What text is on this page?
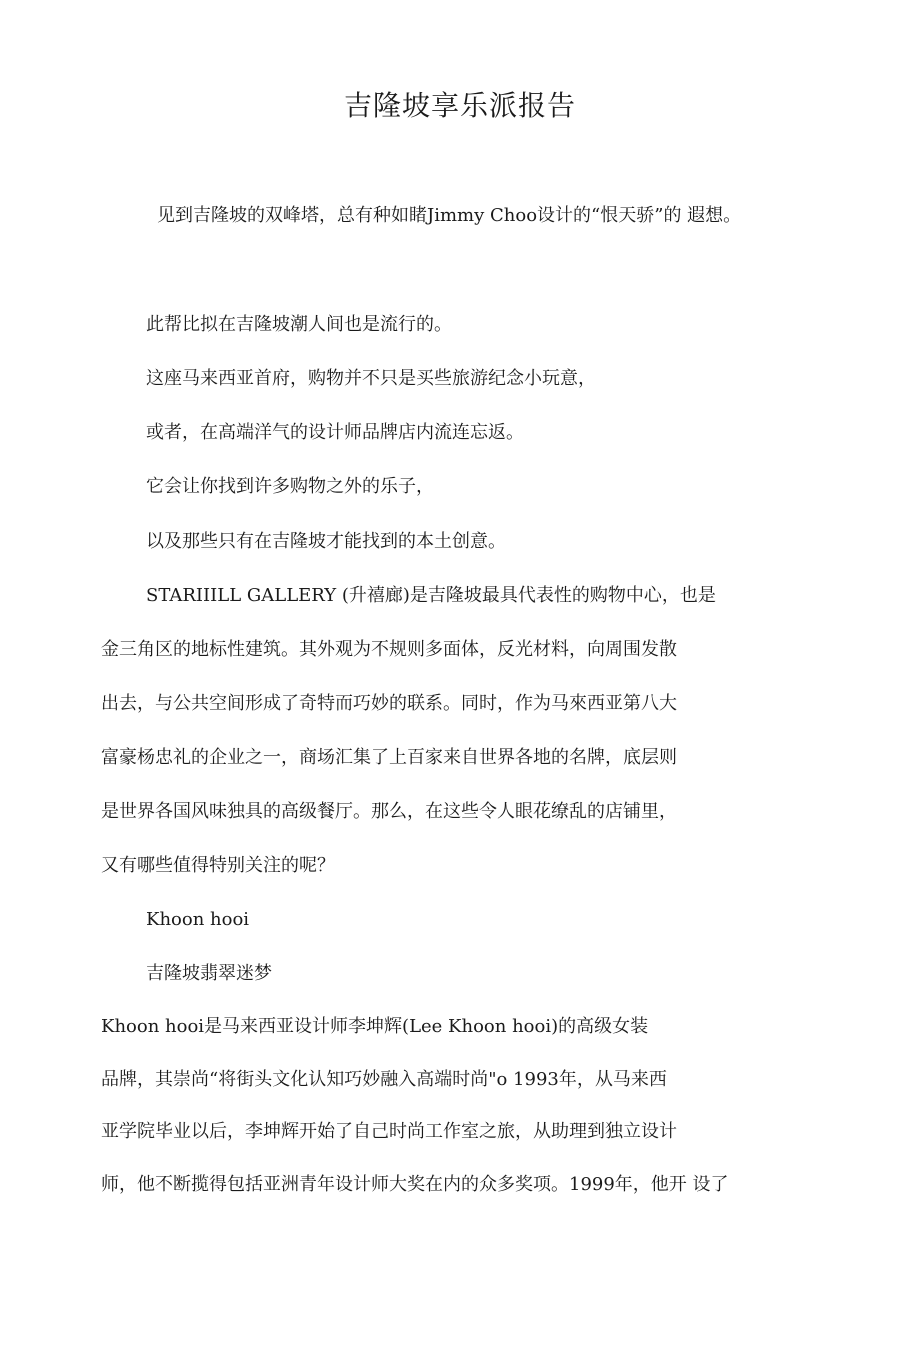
吉隆坡享乐派报告

见到吉隆坡的双峰塔，总有种如睹Jimmy Choo设计的“恨天骄”的 遐想。

此帮比拟在吉隆坡潮人间也是流行的。

这座马来西亚首府，购物并不只是买些旅游纪念小玩意，

或者，在高端洋气的设计师品牌店内流连忘返。

它会让你找到许多购物之外的乐子，

以及那些只有在吉隆坡才能找到的本土创意。

STARIIILL GALLERY (升禧廊)是吉隆坡最具代表性的购物中心，也是

金三角区的地标性建筑。其外观为不规则多面体，反光材料，向周围发散

出去，与公共空间形成了奇特而巧妙的联系。同时，作为马來西亚第八大

富豪杨忠礼的企业之一，商场汇集了上百家来自世界各地的名牌，底层则

是世界各国风味独具的高级餐厅。那么，在这些令人眼花缭乱的店铺里，

又有哪些值得特别关注的呢？

Khoon hooi

吉隆坡翡翠迷梦

Khoon hooi是马来西亚设计师李坤辉(Lee Khoon hooi)的高级女装

品牌，其崇尚“将街头文化认知巧妙融入高端时尚"o 1993年，从马来西

亚学院毕业以后，李坤辉开始了自己时尚工作室之旅，从助理到独立设计

师，他不断揽得包括亚洲青年设计师大奖在内的众多奖项。1999年，他开 设了
